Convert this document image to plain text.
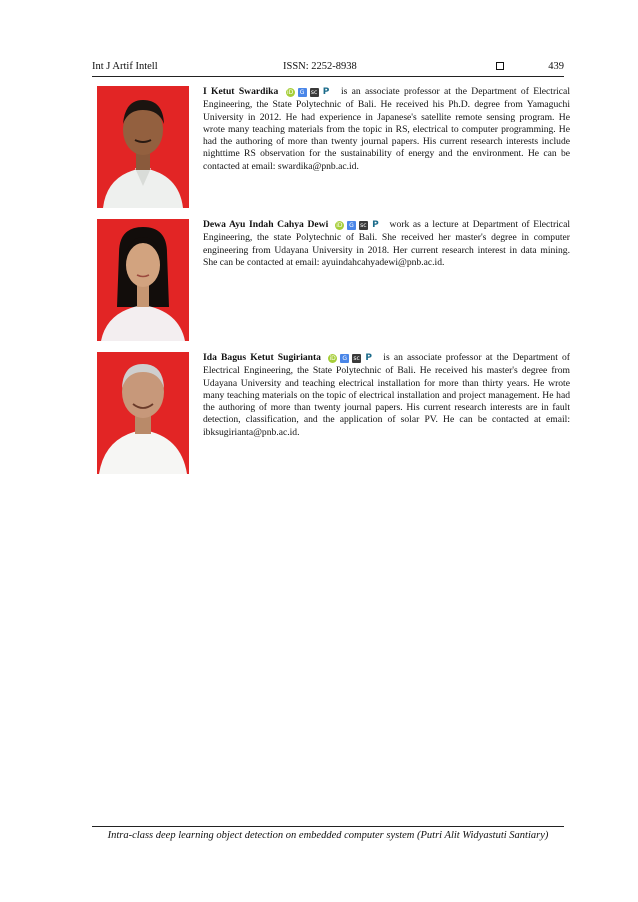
Int J Artif Intell	ISSN: 2252-8938	439
I Ketut Swardika iD G sc P is an associate professor at the Department of Electrical Engineering, the State Polytechnic of Bali. He received his Ph.D. degree from Yamaguchi University in 2012. He had experience in Japanese's satellite remote sensing program. He wrote many teaching materials from the topic in RS, electrical to computer programming. He had the authoring of more than twenty journal papers. His current research interests include nighttime RS observation for the sustainability of energy and the environment. He can be contacted at email: swardika@pnb.ac.id.
Dewa Ayu Indah Cahya Dewi iD G sc P work as a lecture at Department of Electrical Engineering, the state Polytechnic of Bali. She received her master's degree in computer engineering from Udayana University in 2018. Her current research interest in data mining. She can be contacted at email: ayuindahcahyadewi@pnb.ac.id.
Ida Bagus Ketut Sugirianta iD G sc P is an associate professor at the Department of Electrical Engineering, the State Polytechnic of Bali. He received his master's degree from Udayana University and teaching electrical installation for more than thirty years. He wrote many teaching materials on the topic of electrical installation and project management. He had the authoring of more than twenty journal papers. His current research interests are in fault detection, classification, and the application of solar PV. He can be contacted at email: ibksugirianta@pnb.ac.id.
Intra-class deep learning object detection on embedded computer system (Putri Alit Widyastuti Santiary)
